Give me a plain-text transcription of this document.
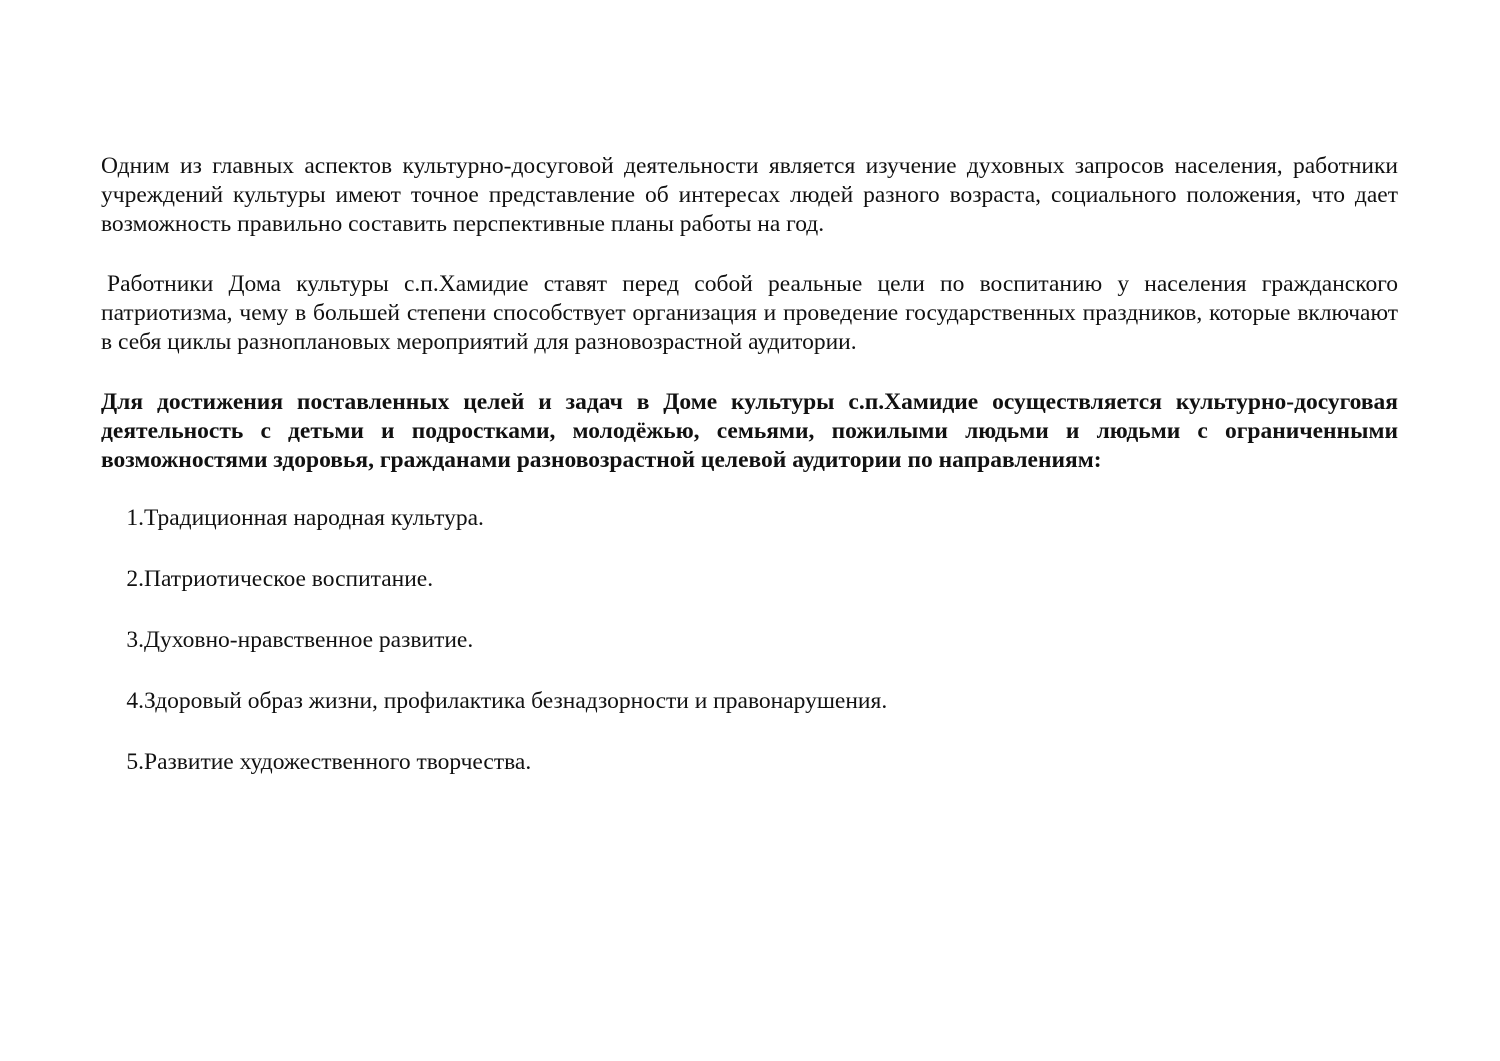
Одним из главных аспектов культурно-досуговой деятельности является изучение духовных запросов населения, работники учреждений культуры имеют точное представление об интересах людей разного возраста, социального положения, что дает возможность правильно составить перспективные планы работы на год.

Работники Дома культуры с.п.Хамидие ставят перед собой реальные цели по воспитанию у населения гражданского патриотизма, чему в большей степени способствует организация и проведение государственных праздников, которые включают в себя циклы разноплановых мероприятий для разновозрастной аудитории.

Для достижения поставленных целей и задач в Доме культуры с.п.Хамидие осуществляется культурно-досуговая деятельность с детьми и подростками, молодёжью, семьями, пожилыми людьми и людьми с ограниченными возможностями здоровья, гражданами разновозрастной целевой аудитории по направлениям:

1. Традиционная народная культура.
2. Патриотическое воспитание.
3. Духовно-нравственное развитие.
4. Здоровый образ жизни, профилактика безнадзорности и правонарушения.
5. Развитие художественного творчества.
